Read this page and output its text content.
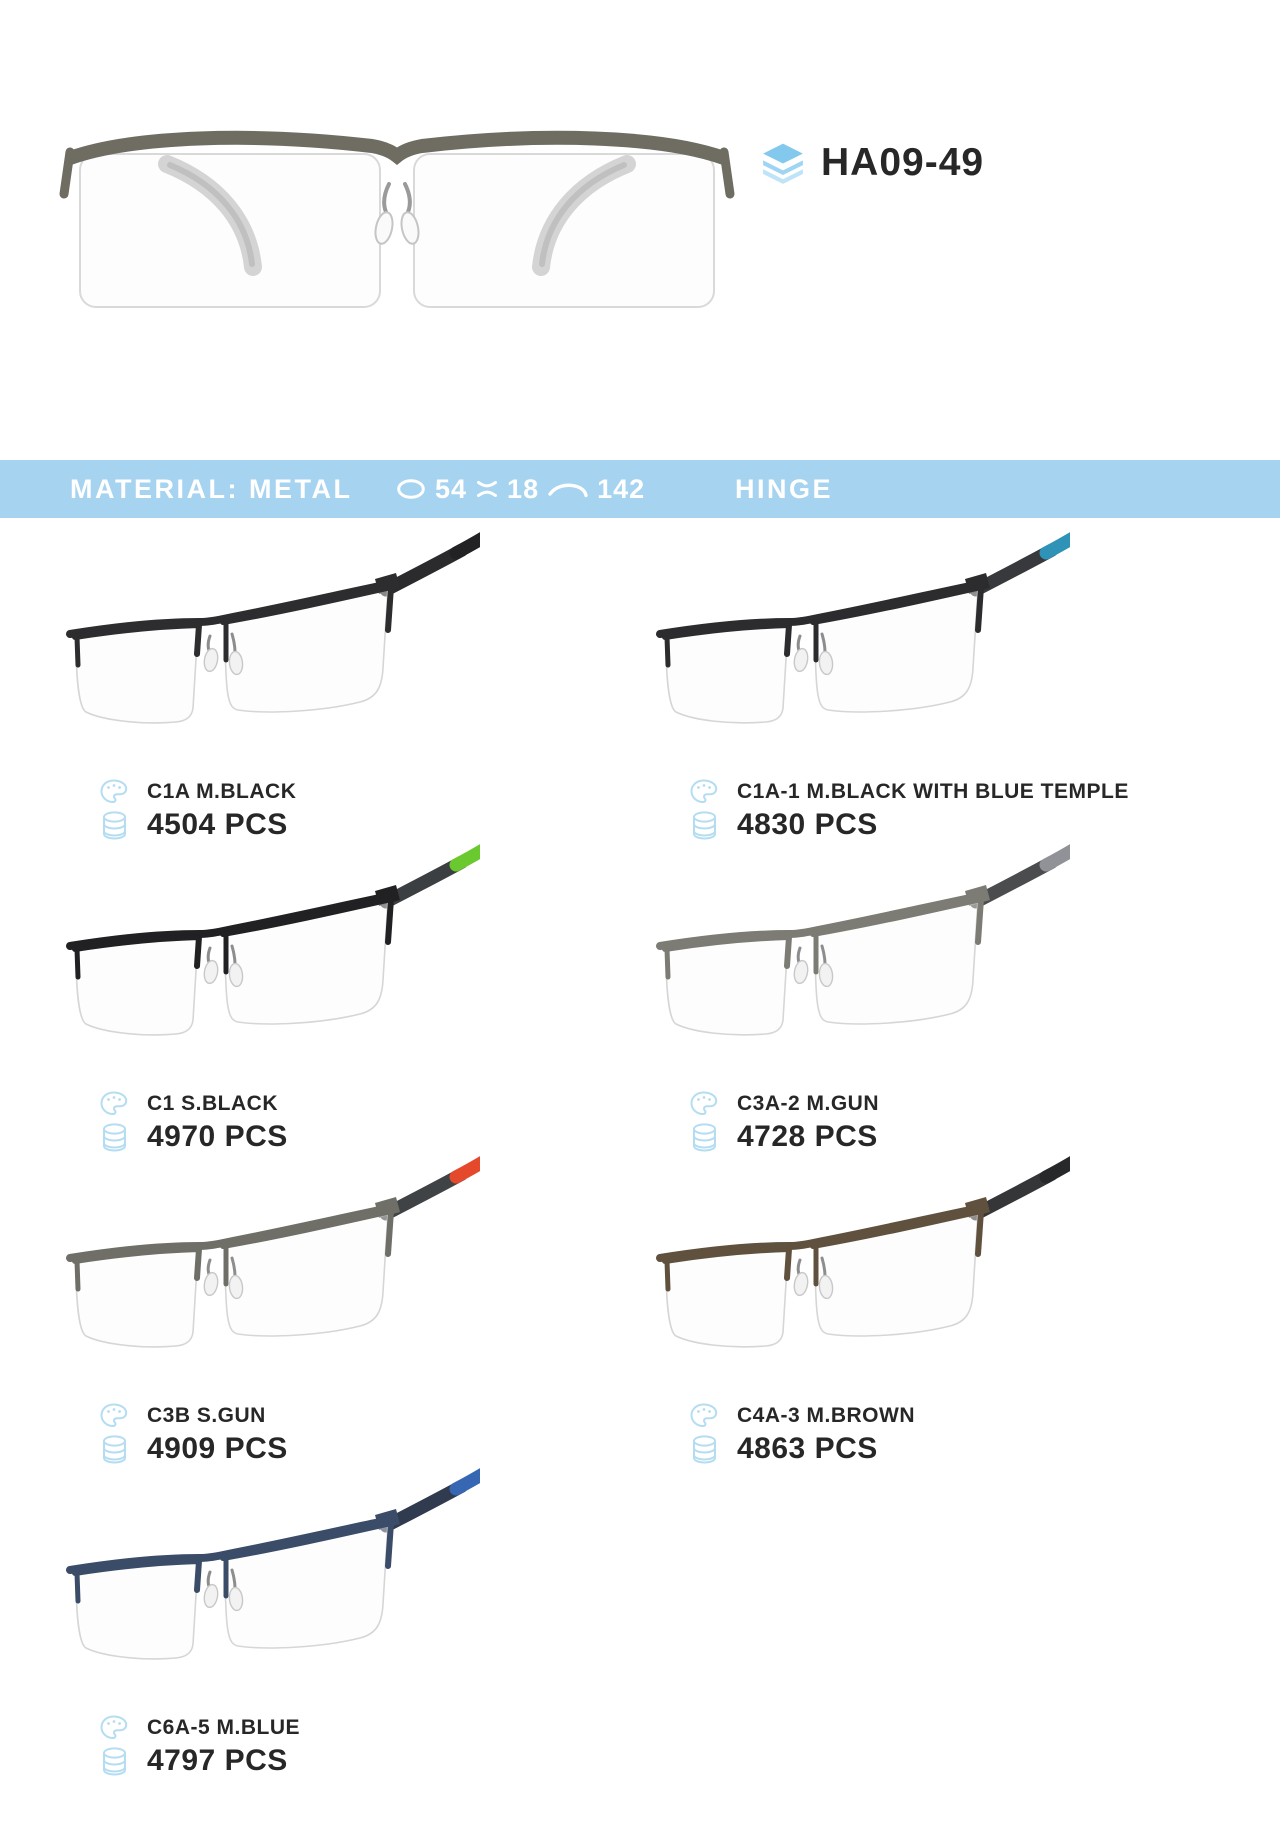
HA09-49
MATERIAL: METAL	54 18 142	HINGE
C1A M.BLACK
4504 PCS
C1A-1 M.BLACK WITH BLUE TEMPLE
4830 PCS
C1 S.BLACK
4970 PCS
C3A-2 M.GUN
4728 PCS
C3B S.GUN
4909 PCS
C4A-3 M.BROWN
4863 PCS
C6A-5 M.BLUE
4797 PCS
